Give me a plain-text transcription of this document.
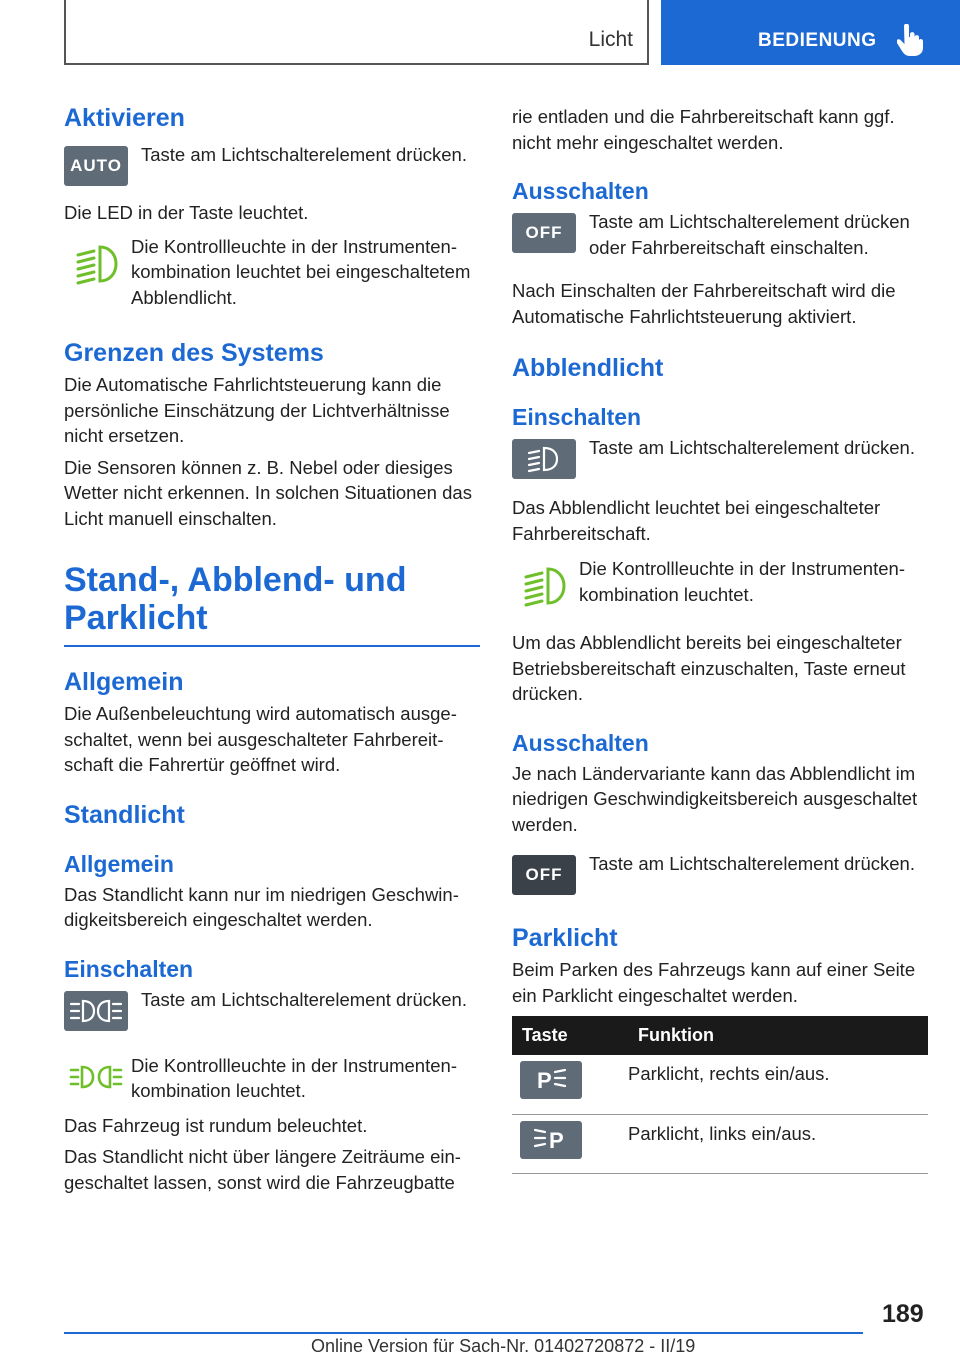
Licht	BEDIENUNG
Aktivieren
AUTO
Taste am Lichtschalterelement drücken.
Die LED in der Taste leuchtet.
Die Kontrollleuchte in der Instrumentenkombination leuchtet bei eingeschaltetem Abblendlicht.
Grenzen des Systems
Die Automatische Fahrlichtsteuerung kann die persönliche Einschätzung der Lichtverhältnisse nicht ersetzen.
Die Sensoren können z. B. Nebel oder diesiges Wetter nicht erkennen. In solchen Situationen das Licht manuell einschalten.
Stand-, Abblend- und Parklicht
Allgemein
Die Außenbeleuchtung wird automatisch ausgeschaltet, wenn bei ausgeschalteter Fahrbereitschaft die Fahrertür geöffnet wird.
Standlicht
Allgemein
Das Standlicht kann nur im niedrigen Geschwindigkeitsbereich eingeschaltet werden.
Einschalten
Taste am Lichtschalterelement drücken.
Die Kontrollleuchte in der Instrumentenkombination leuchtet.
Das Fahrzeug ist rundum beleuchtet.
Das Standlicht nicht über längere Zeiträume eingeschaltet lassen, sonst wird die Fahrzeugbatte
rie entladen und die Fahrbereitschaft kann ggf. nicht mehr eingeschaltet werden.
Ausschalten
OFF
Taste am Lichtschalterelement drücken oder Fahrbereitschaft einschalten.
Nach Einschalten der Fahrbereitschaft wird die Automatische Fahrlichtsteuerung aktiviert.
Abblendlicht
Einschalten
Taste am Lichtschalterelement drücken.
Das Abblendlicht leuchtet bei eingeschalteter Fahrbereitschaft.
Die Kontrollleuchte in der Instrumentenkombination leuchtet.
Um das Abblendlicht bereits bei eingeschalteter Betriebsbereitschaft einzuschalten, Taste erneut drücken.
Ausschalten
Je nach Ländervariante kann das Abblendlicht im niedrigen Geschwindigkeitsbereich ausgeschaltet werden.
OFF
Taste am Lichtschalterelement drücken.
Parklicht
Beim Parken des Fahrzeugs kann auf einer Seite ein Parklicht eingeschaltet werden.
Taste	Funktion

P	Parklicht, rechts ein/aus.

P	Parklicht, links ein/aus.
189
Online Version für Sach-Nr. 01402720872 - II/19
